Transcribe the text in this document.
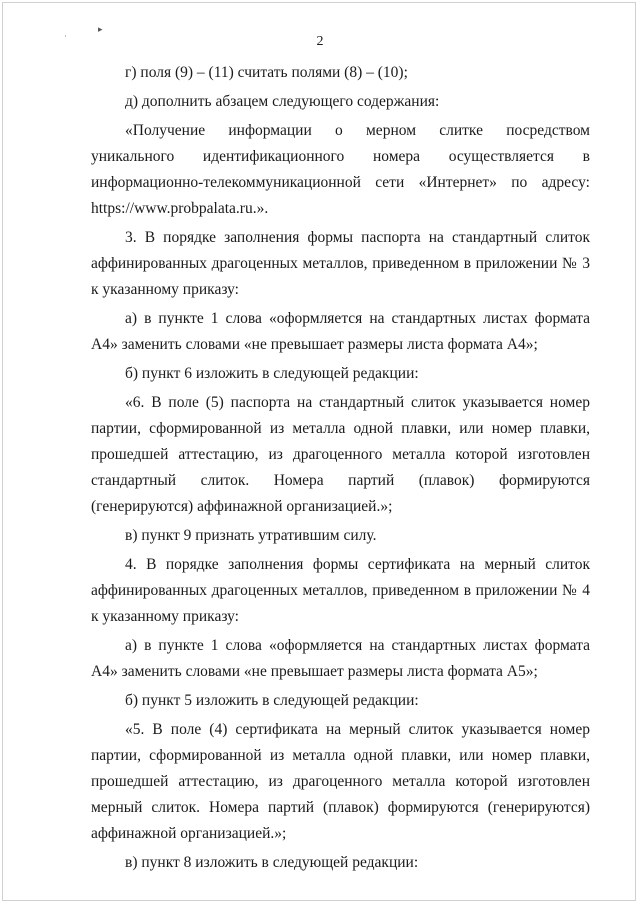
˙
▸
2

г) поля (9) – (11) считать полями (8) – (10);

д) дополнить абзацем следующего содержания:

«Получение информации о мерном слитке посредством
уникального идентификационного номера осуществляется в
информационно-телекоммуникационной сети «Интернет» по адресу:

https://www.probpalata.ru.».

3. В порядке заполнения формы паспорта на стандартный слиток аффинированных драгоценных металлов, приведенном в приложении № 3 к указанному приказу:

а) в пункте 1 слова «оформляется на стандартных листах формата А4» заменить словами «не превышает размеры листа формата А4»;

б) пункт 6 изложить в следующей редакции:

«6. В поле (5) паспорта на стандартный слиток указывается номер партии, сформированной из металла одной плавки, или номер плавки, прошедшей аттестацию, из драгоценного металла которой изготовлен стандартный слиток. Номера партий (плавок) формируются (генерируются) аффинажной организацией.»;

в) пункт 9 признать утратившим силу.

4. В порядке заполнения формы сертификата на мерный слиток аффинированных драгоценных металлов, приведенном в приложении № 4 к указанному приказу:

а) в пункте 1 слова «оформляется на стандартных листах формата А4» заменить словами «не превышает размеры листа формата А5»;

б) пункт 5 изложить в следующей редакции:

«5. В поле (4) сертификата на мерный слиток указывается номер партии, сформированной из металла одной плавки, или номер плавки, прошедшей аттестацию, из драгоценного металла которой изготовлен мерный слиток. Номера партий (плавок) формируются (генерируются) аффинажной организацией.»;

в) пункт 8 изложить в следующей редакции:
